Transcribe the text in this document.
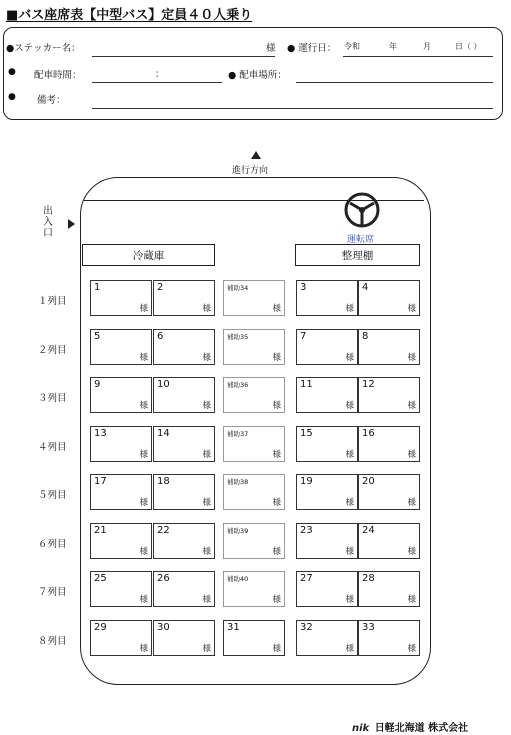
■バス座席表【中型バス】定員４０人乗り
●ステッカー名：	様 ● 運行日： 令和	年	月	日（ ）
● 配車時間：	：	● 配車場所：
● 備考：
進行方向
出入口
運転席
冷蔵庫	整理棚
１列目
1
様
2
様
補助34
様
3
様
4
様
２列目
5
様
6
様
補助35
様
7
様
8
様
３列目
9
様
10
様
補助36
様
11
様
12
様
４列目
13
様
14
様
補助37
様
15
様
16
様
５列目
17
様
18
様
補助38
様
19
様
20
様
６列目
21
様
22
様
補助39
様
23
様
24
様
７列目
25
様
26
様
補助40
様
27
様
28
様
８列目
29
様
30
様
31
様
32
様
33
様
nik 日軽北海道 株式会社
